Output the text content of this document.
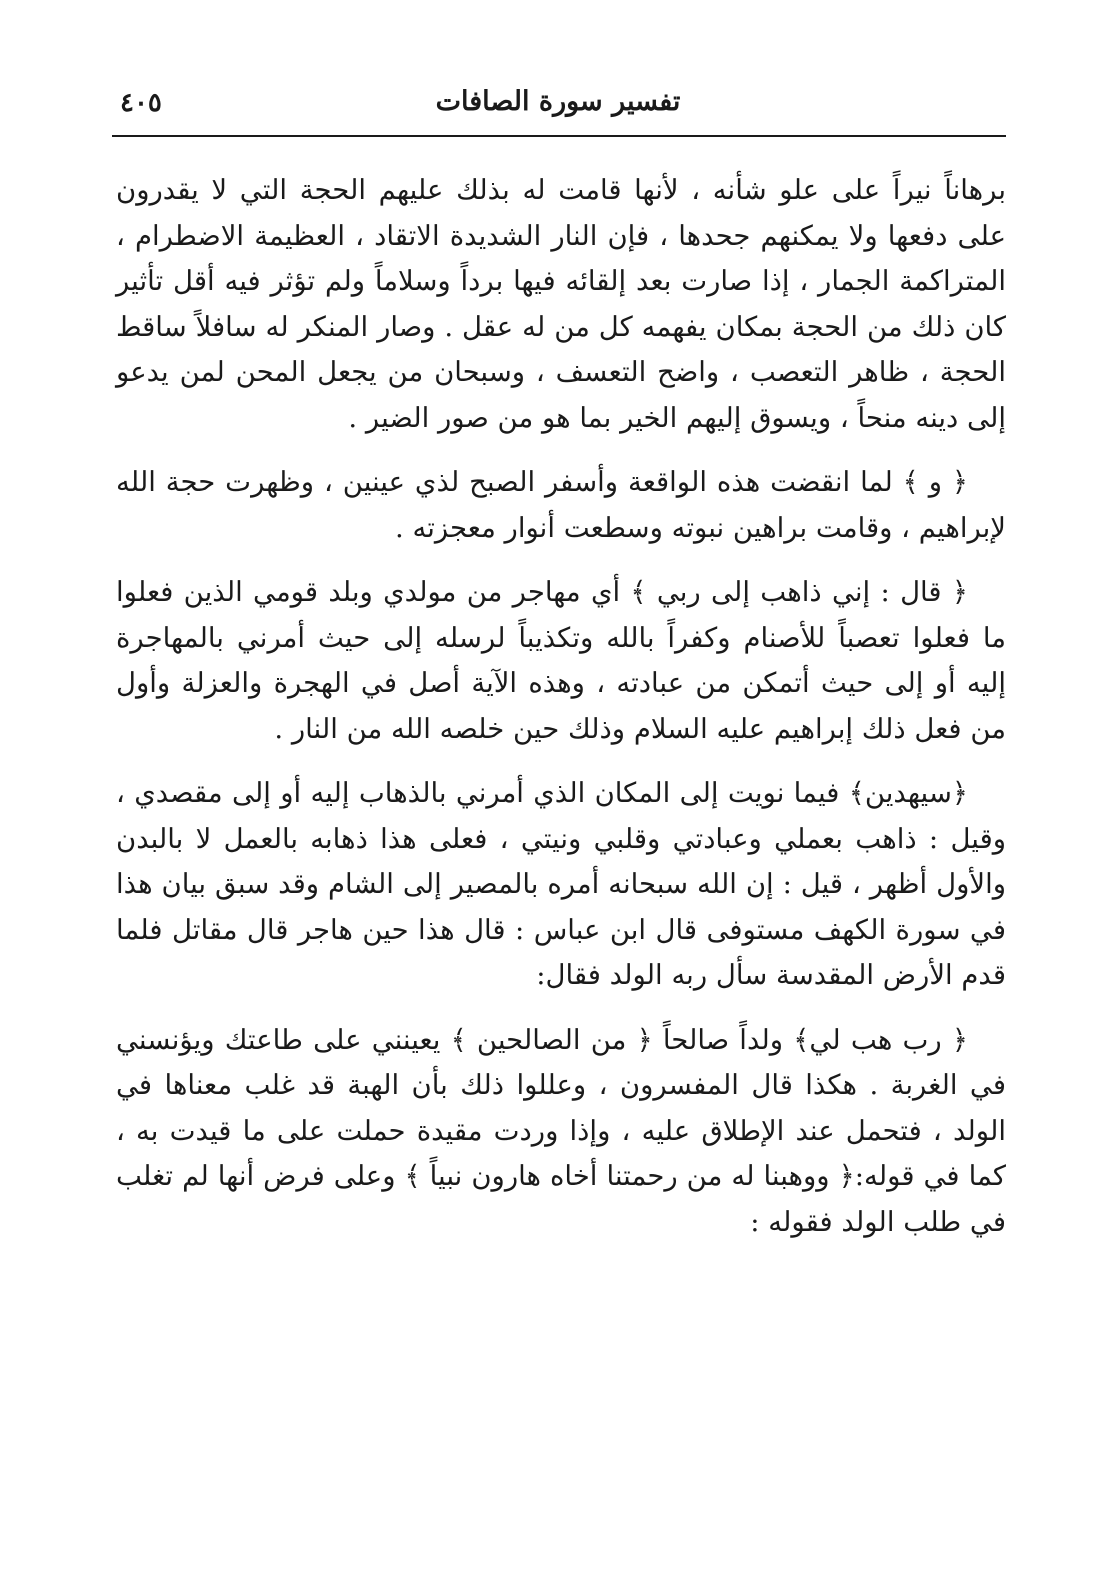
٤٠٥	تفسير سورة الصافات

برهاناً نيراً على علو شأنه ، لأنها قامت له بذلك عليهم الحجة التي لا يقدرون على دفعها ولا يمكنهم جحدها ، فإن النار الشديدة الاتقاد ، العظيمة الاضطرام ، المتراكمة الجمار ، إذا صارت بعد إلقائه فيها برداً وسلاماً ولم تؤثر فيه أقل تأثير كان ذلك من الحجة بمكان يفهمه كل من له عقل . وصار المنكر له سافلاً ساقط الحجة ، ظاهر التعصب ، واضح التعسف ، وسبحان من يجعل المحن لمن يدعو إلى دينه منحاً ، ويسوق إليهم الخير بما هو من صور الضير .

﴿ و ﴾ لما انقضت هذه الواقعة وأسفر الصبح لذي عينين ، وظهرت حجة الله لإبراهيم ، وقامت براهين نبوته وسطعت أنوار معجزته .

﴿ قال : إني ذاهب إلى ربي ﴾ أي مهاجر من مولدي وبلد قومي الذين فعلوا ما فعلوا تعصباً للأصنام وكفراً بالله وتكذيباً لرسله إلى حيث أمرني بالمهاجرة إليه أو إلى حيث أتمكن من عبادته ، وهذه الآية أصل في الهجرة والعزلة وأول من فعل ذلك إبراهيم عليه السلام وذلك حين خلصه الله من النار .

﴿سيهدين﴾ فيما نويت إلى المكان الذي أمرني بالذهاب إليه أو إلى مقصدي ، وقيل : ذاهب بعملي وعبادتي وقلبي ونيتي ، فعلى هذا ذهابه بالعمل لا بالبدن والأول أظهر ، قيل : إن الله سبحانه أمره بالمصير إلى الشام وقد سبق بيان هذا في سورة الكهف مستوفى قال ابن عباس : قال هذا حين هاجر قال مقاتل فلما قدم الأرض المقدسة سأل ربه الولد فقال:

﴿ رب هب لي﴾ ولداً صالحاً ﴿ من الصالحين ﴾ يعينني على طاعتك ويؤنسني في الغربة . هكذا قال المفسرون ، وعللوا ذلك بأن الهبة قد غلب معناها في الولد ، فتحمل عند الإطلاق عليه ، وإذا وردت مقيدة حملت على ما قيدت به ، كما في قوله:﴿ ووهبنا له من رحمتنا أخاه هارون نبياً ﴾ وعلى فرض أنها لم تغلب في طلب الولد فقوله :
